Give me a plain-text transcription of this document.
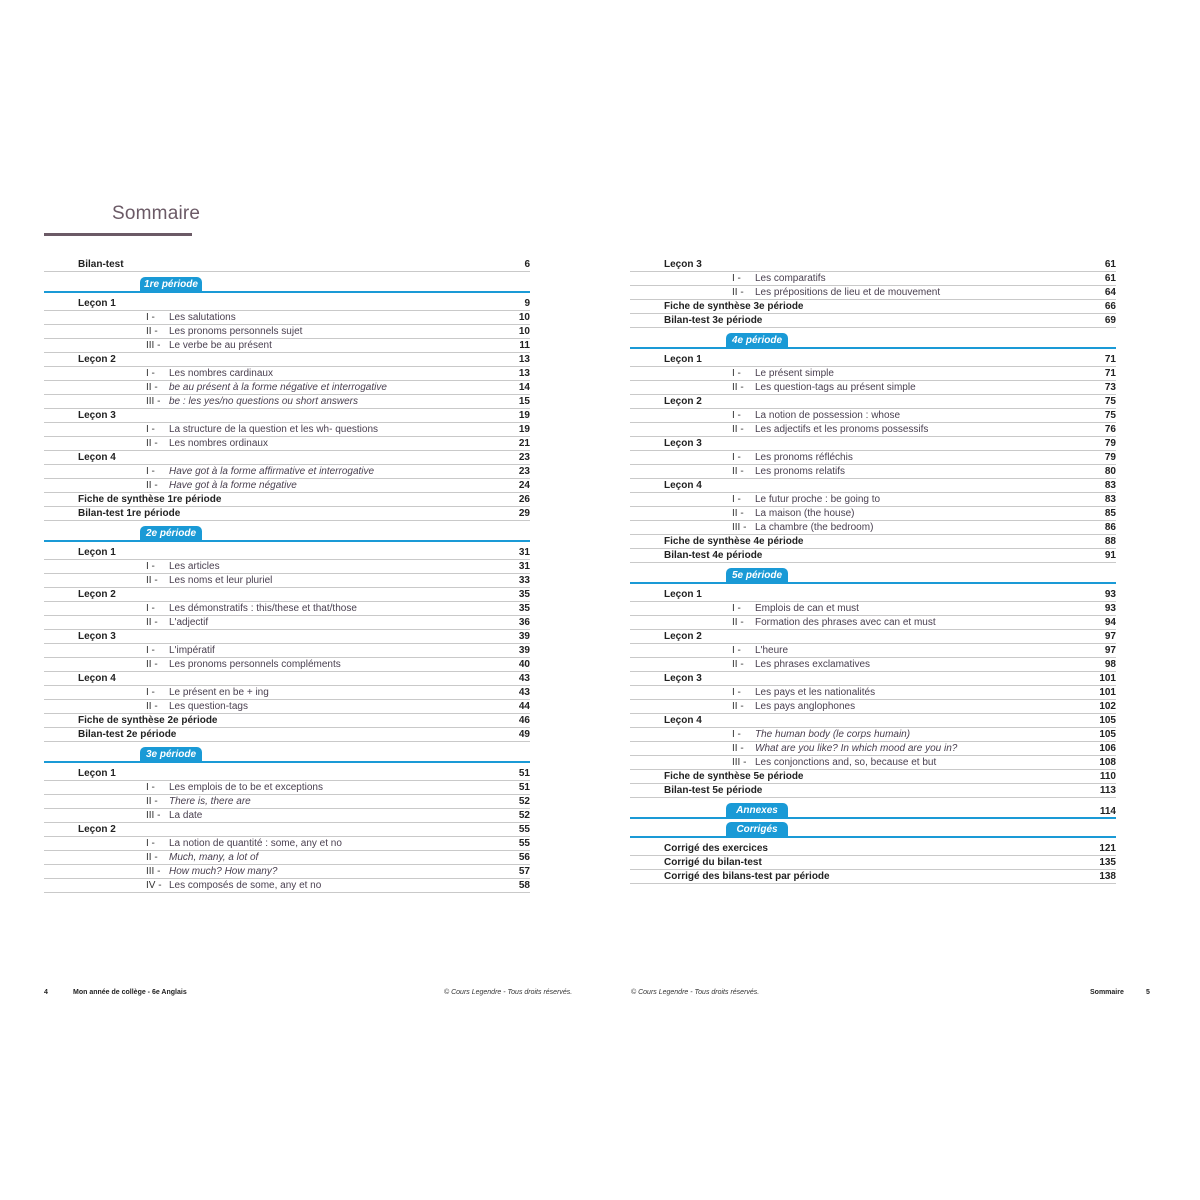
Sommaire
Bilan-test	6
1re période
Leçon 1	9
I -	Les salutations	10
II -	Les pronoms personnels sujet	10
III - Le verbe be au présent	11
Leçon 2	13
I -	Les nombres cardinaux	13
II -	be au présent à la forme négative et interrogative	14
III - be : les yes/no questions ou short answers	15
Leçon 3	19
I -	La structure de la question et les wh- questions	19
II -	Les nombres ordinaux	21
Leçon 4	23
I -	Have got à la forme affirmative et interrogative	23
II -	Have got à la forme négative	24
Fiche de synthèse 1re période	26
Bilan-test 1re période	29
2e période
Leçon 1	31
I -	Les articles	31
II -	Les noms et leur pluriel	33
Leçon 2	35
I -	Les démonstratifs : this/these et that/those	35
II -	L'adjectif	36
Leçon 3	39
I -	L'impératif	39
II -	Les pronoms personnels compléments	40
Leçon 4	43
I -	Le présent en be + ing	43
II -	Les question-tags	44
Fiche de synthèse 2e période	46
Bilan-test 2e période	49
3e période
Leçon 1	51
I -	Les emplois de to be et exceptions	51
II -	There is, there are	52
III - La date	52
Leçon 2	55
I -	La notion de quantité : some, any et no	55
II -	Much, many, a lot of	56
III - How much? How many?	57
IV - Les composés de some, any et no	58
Leçon 3	61
I -	Les comparatifs	61
II -	Les prépositions de lieu et de mouvement	64
Fiche de synthèse 3e période	66
Bilan-test 3e période	69
4e période
Leçon 1	71
I -	Le présent simple	71
II -	Les question-tags au présent simple	73
Leçon 2	75
I -	La notion de possession : whose	75
II -	Les adjectifs et les pronoms possessifs	76
Leçon 3	79
I -	Les pronoms réfléchis	79
II -	Les pronoms relatifs	80
Leçon 4	83
I -	Le futur proche : be going to	83
II -	La maison (the house)	85
III - La chambre (the bedroom)	86
Fiche de synthèse 4e période	88
Bilan-test 4e période	91
5e période
Leçon 1	93
I -	Emplois de can et must	93
II -	Formation des phrases avec can et must	94
Leçon 2	97
I -	L'heure	97
II -	Les phrases exclamatives	98
Leçon 3	101
I -	Les pays et les nationalités	101
II -	Les pays anglophones	102
Leçon 4	105
I -	The human body (le corps humain)	105
II -	What are you like? In which mood are you in?	106
III - Les conjonctions and, so, because et but	108
Fiche de synthèse 5e période	110
Bilan-test 5e période	113
Annexes	114
Corrigés
Corrigé des exercices	121
Corrigé du bilan-test	135
Corrigé des bilans-test par période	138
4	Mon année de collège - 6e Anglais	© Cours Legendre - Tous droits réservés.	© Cours Legendre - Tous droits réservés.	Sommaire	5
